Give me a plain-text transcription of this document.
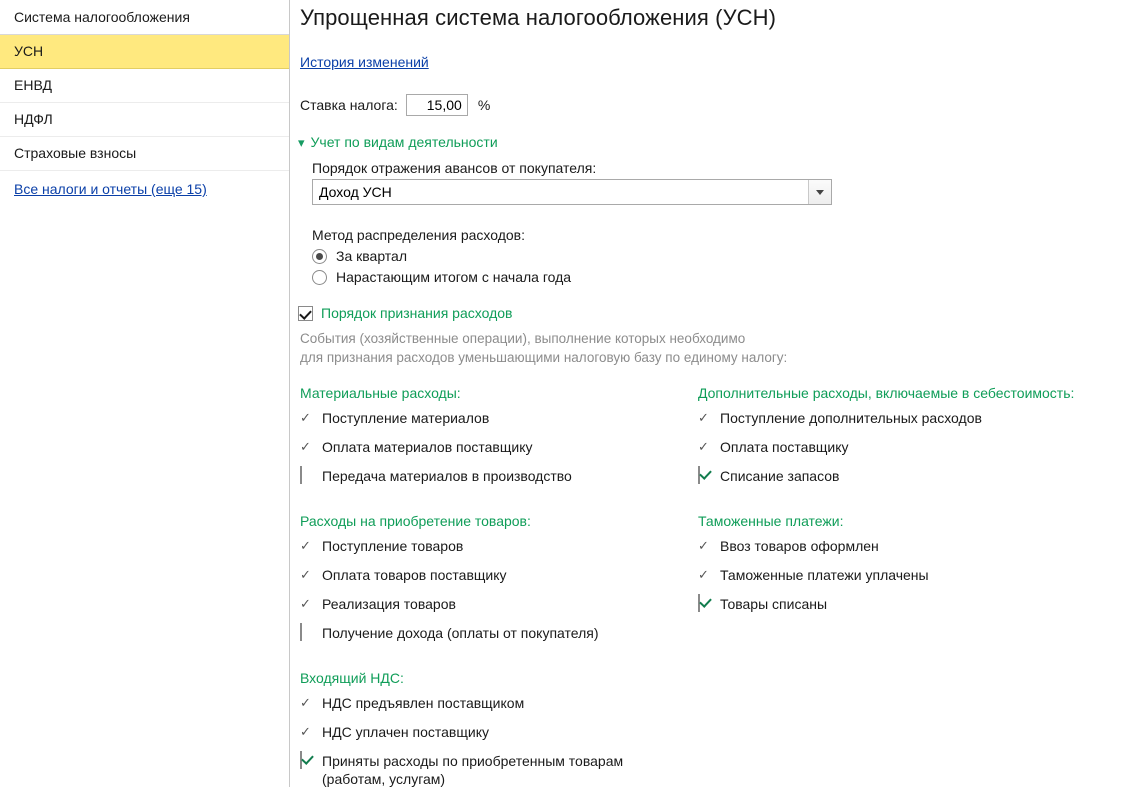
Система налогообложения
УСН
ЕНВД
НДФЛ
Страховые взносы
Все налоги и отчеты (еще 15)
Упрощенная система налогообложения (УСН)
История изменений
Ставка налога:
15,00	%
▾ Учет по видам деятельности
Порядок отражения авансов от покупателя:
Доход УСН
Метод распределения расходов:
За квартал
Нарастающим итогом с начала года
Порядок признания расходов
События (хозяйственные операции), выполнение которых необходимо
для признания расходов уменьшающими налоговую базу по единому налогу:
Материальные расходы:
✓ Поступление материалов
✓ Оплата материалов поставщику
Передача материалов в производство
Расходы на приобретение товаров:
✓ Поступление товаров
✓ Оплата товаров поставщику
✓ Реализация товаров
Получение дохода (оплаты от покупателя)
Входящий НДС:
✓ НДС предъявлен поставщиком
✓ НДС уплачен поставщику
Приняты расходы по приобретенным товарам (работам, услугам)
Дополнительные расходы, включаемые в себестоимость:
✓ Поступление дополнительных расходов
✓ Оплата поставщику
Списание запасов
Таможенные платежи:
✓ Ввоз товаров оформлен
✓ Таможенные платежи уплачены
Товары списаны
